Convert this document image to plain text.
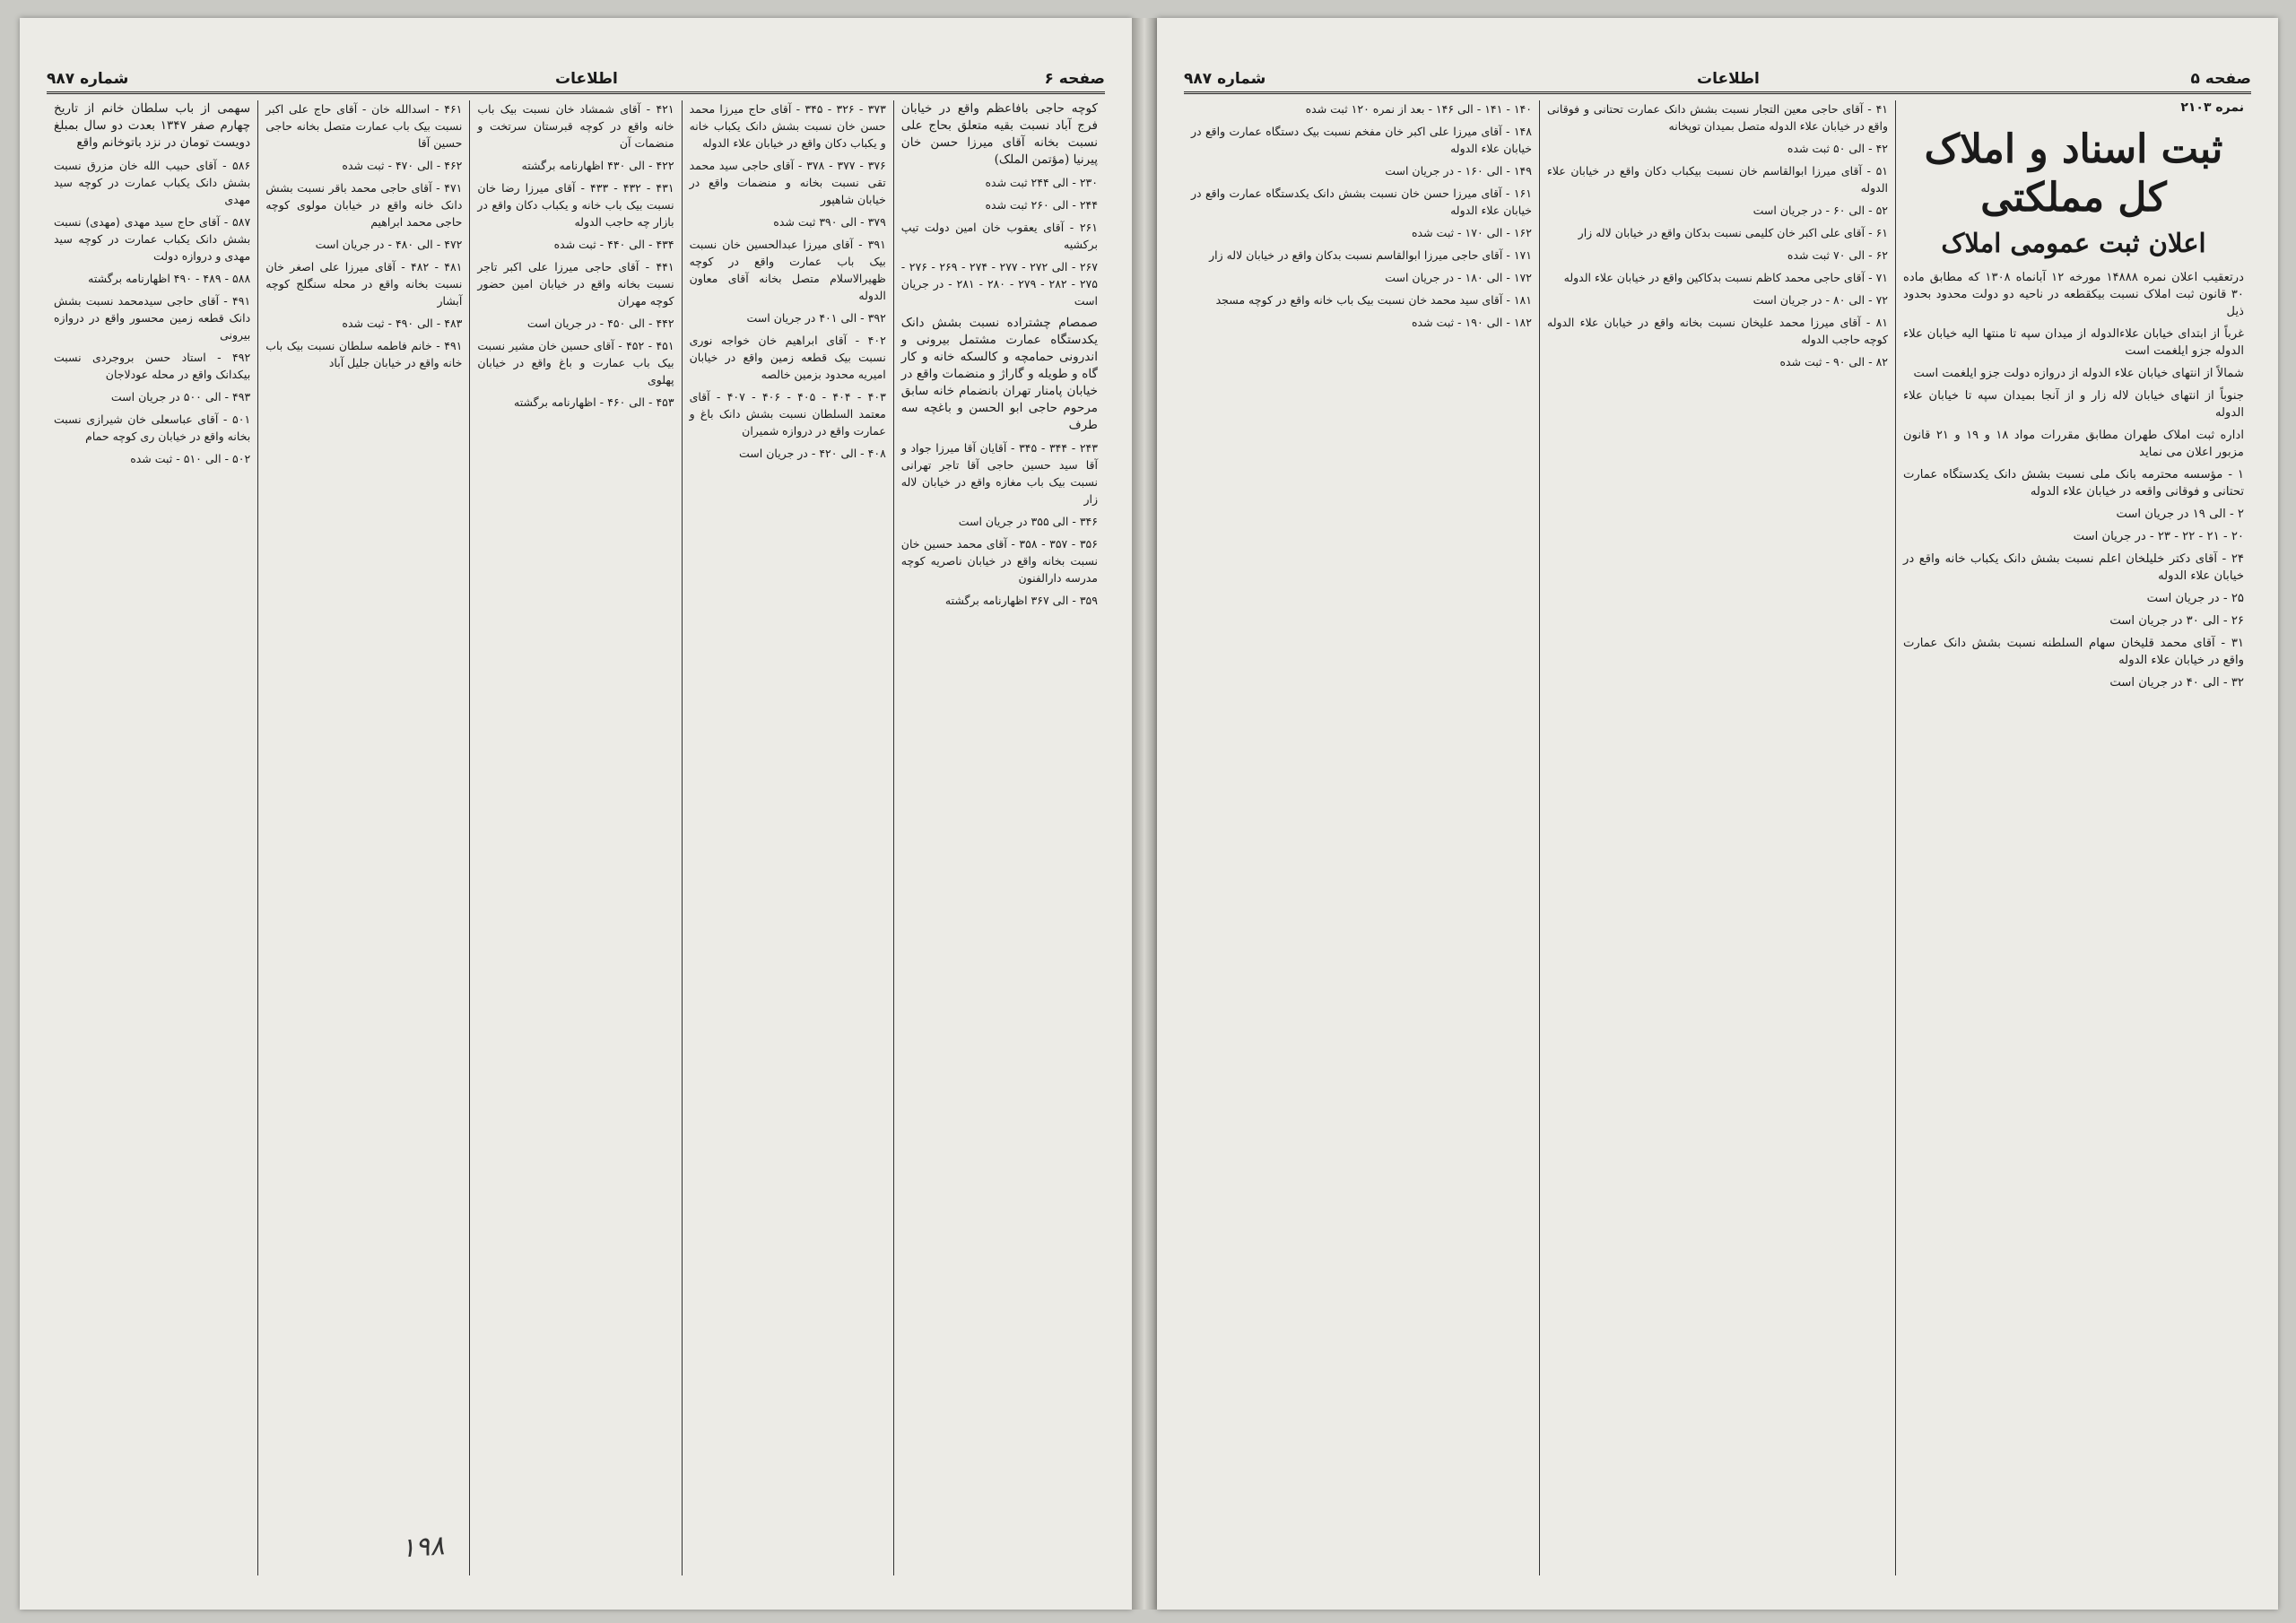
صفحه ۶
اطلاعات
شماره ۹۸۷

کوچه حاجی بافاعظم واقع در خیابان فرج آباد نسبت بقیه متعلق بحاج علی نسبت بخانه آقای میرزا حسن خان پیرنیا (مؤتمن الملک)

۲۳۰ - الی ۲۴۴ ثبت شده

۲۴۴ - الی ۲۶۰ ثبت شده

۲۶۱ - آقای یعقوب خان امین دولت تیپ برکشیه

۲۶۷ - الی ۲۷۲ - ۲۷۷ - ۲۷۴ - ۲۶۹ - ۲۷۶ - ۲۷۵ - ۲۸۲ - ۲۷۹ - ۲۸۰ - ۲۸۱ - در جریان است

صمصام چشتراده نسبت بشش دانک یکدستگاه عمارت مشتمل بیرونی و اندرونی حمامچه و کالسکه خانه و کار گاه و طویله و گاراژ و منضمات واقع در خیابان پامنار تهران بانضمام خانه سابق مرحوم حاجی ابو الحسن و باغچه سه طرف

۲۴۳ - ۳۴۴ - ۳۴۵ - آقایان آقا میرزا جواد و آقا سید حسین حاجی آقا تاجر تهرانی نسبت بیک باب مغازه واقع در خیابان لاله زار

۳۴۶ - الی ۳۵۵ در جریان است

۳۵۶ - ۳۵۷ - ۳۵۸ - آقای محمد حسین خان نسبت بخانه واقع در خیابان ناصریه کوچه مدرسه دارالفنون

۳۵۹ - الی ۳۶۷ اظهارنامه برگشته

۳۷۳ - ۳۲۶ - ۳۴۵ - آقای حاج میرزا محمد حسن خان نسبت بشش دانک یکباب خانه و یکباب دکان واقع در خیابان علاء الدوله

۳۷۶ - ۳۷۷ - ۳۷۸ - آقای حاجی سید محمد تقی نسبت بخانه و منضمات واقع در خیابان شاهپور

۳۷۹ - الی ۳۹۰ ثبت شده

۳۹۱ - آقای میرزا عبدالحسین خان نسبت بیک باب عمارت واقع در کوچه ظهیرالاسلام متصل بخانه آقای معاون الدوله

۳۹۲ - الی ۴۰۱ در جریان است

۴۰۲ - آقای ابراهیم خان خواجه نوری نسبت بیک قطعه زمین واقع در خیابان امیریه محدود بزمین خالصه

۴۰۳ - ۴۰۴ - ۴۰۵ - ۴۰۶ - ۴۰۷ - آقای معتمد السلطان نسبت بشش دانک باغ و عمارت واقع در دروازه شمیران

۴۰۸ - الی ۴۲۰ - در جریان است

۴۲۱ - آقای شمشاد خان نسبت بیک باب خانه واقع در کوچه قبرستان سرتخت و منضمات آن

۴۲۲ - الی ۴۳۰ اظهارنامه برگشته

۴۳۱ - ۴۳۲ - ۴۳۳ - آقای میرزا رضا خان نسبت بیک باب خانه و یکباب دکان واقع در بازار چه حاجب الدوله

۴۳۴ - الی ۴۴۰ - ثبت شده

۴۴۱ - آقای حاجی میرزا علی اکبر تاجر نسبت بخانه واقع در خیابان امین حضور کوچه مهران

۴۴۲ - الی ۴۵۰ - در جریان است

۴۵۱ - ۴۵۲ - آقای حسین خان مشیر نسبت بیک باب عمارت و باغ واقع در خیابان پهلوی

۴۵۳ - الی ۴۶۰ - اظهارنامه برگشته

۴۶۱ - اسدالله خان - آقای حاج علی اکبر نسبت بیک باب عمارت متصل بخانه حاجی حسین آقا

۴۶۲ - الی ۴۷۰ - ثبت شده

۴۷۱ - آقای حاجی محمد باقر نسبت بشش دانک خانه واقع در خیابان مولوی کوچه حاجی محمد ابراهیم

۴۷۲ - الی ۴۸۰ - در جریان است

۴۸۱ - ۴۸۲ - آقای میرزا علی اصغر خان نسبت بخانه واقع در محله سنگلج کوچه آبشار

۴۸۳ - الی ۴۹۰ - ثبت شده

۴۹۱ - خانم فاطمه سلطان نسبت بیک باب خانه واقع در خیابان جلیل آباد

سهمی از باب سلطان خانم از تاریخ چهارم صفر ۱۳۴۷ بعدت دو سال بمبلغ دویست تومان در نزد باتوخانم واقع

۵۸۶ - آقای حبیب الله خان مزرق نسبت بشش دانک یکباب عمارت در کوچه سید مهدی

۵۸۷ - آقای حاج سید مهدی (مهدی) نسبت بشش دانک یکباب عمارت در کوچه سید مهدی و دروازه دولت

۵۸۸ - ۴۸۹ - ۴۹۰ اظهارنامه برگشته

۴۹۱ - آقای حاجی سیدمحمد نسبت بشش دانک قطعه زمین محسور واقع در دروازه بیرونی

۴۹۲ - استاد حسن بروجردی نسبت بیکدانک واقع در محله عودلاجان

۴۹۳ - الی ۵۰۰ در جریان است

۵۰۱ - آقای عباسعلی خان شیرازی نسبت بخانه واقع در خیابان ری کوچه حمام

۵۰۲ - الی ۵۱۰ - ثبت شده

۱۹۸
صفحه ۵
اطلاعات
شماره ۹۸۷
نمره ۲۱۰۳
ثبت اسناد و املاک کل مملکتی
اعلان ثبت عمومی املاک

درتعقیب اعلان نمره ۱۴۸۸۸ مورخه ۱۲ آبانماه ۱۳۰۸ که مطابق ماده ۳۰ قانون ثبت املاک نسبت بیکقطعه در ناحیه دو دولت محدود بحدود ذیل

غرباً از ابتدای خیابان علاءالدوله از میدان سپه تا منتها الیه خیابان علاء الدوله جزو ایلغمت است

شمالاً از انتهای خیابان علاء الدوله از دروازه دولت جزو ایلغمت است

جنوباً از انتهای خیابان لاله زار و از آنجا بمیدان سپه تا خیابان علاء الدوله

اداره ثبت املاک طهران مطابق مقررات مواد ۱۸ و ۱۹ و ۲۱ قانون مزبور اعلان می نماید

۱ - مؤسسه محترمه بانک ملی نسبت بشش دانک یکدستگاه عمارت تحتانی و فوقانی واقعه در خیابان علاء الدوله

۲ - الی ۱۹ در جریان است

۲۰ - ۲۱ - ۲۲ - ۲۳ - در جریان است

۲۴ - آقای دکتر خلیلخان اعلم نسبت بشش دانک یکباب خانه واقع در خیابان علاء الدوله

۲۵ - در جریان است

۲۶ - الی ۳۰ در جریان است

۳۱ - آقای محمد قلیخان سهام السلطنه نسبت بشش دانک عمارت واقع در خیابان علاء الدوله

۳۲ - الی ۴۰ در جریان است

۴۱ - آقای حاجی معین التجار نسبت بشش دانک عمارت تحتانی و فوقانی واقع در خیابان علاء الدوله متصل بمیدان توپخانه

۴۲ - الی ۵۰ ثبت شده

۵۱ - آقای میرزا ابوالقاسم خان نسبت بیکباب دکان واقع در خیابان علاء الدوله

۵۲ - الی ۶۰ - در جریان است

۶۱ - آقای علی اکبر خان کلیمی نسبت بدکان واقع در خیابان لاله زار

۶۲ - الی ۷۰ ثبت شده

۷۱ - آقای حاجی محمد کاظم نسبت بدکاکین واقع در خیابان علاء الدوله

۷۲ - الی ۸۰ - در جریان است

۸۱ - آقای میرزا محمد علیخان نسبت بخانه واقع در خیابان علاء الدوله کوچه حاجب الدوله

۸۲ - الی ۹۰ - ثبت شده

۱۴۰ - ۱۴۱ - الی ۱۴۶ - بعد از نمره ۱۲۰ ثبت شده

۱۴۸ - آقای میرزا علی اکبر خان مفخم نسبت بیک دستگاه عمارت واقع در خیابان علاء الدوله

۱۴۹ - الی ۱۶۰ - در جریان است

۱۶۱ - آقای میرزا حسن خان نسبت بشش دانک یکدستگاه عمارت واقع در خیابان علاء الدوله

۱۶۲ - الی ۱۷۰ - ثبت شده

۱۷۱ - آقای حاجی میرزا ابوالقاسم نسبت بدکان واقع در خیابان لاله زار

۱۷۲ - الی ۱۸۰ - در جریان است

۱۸۱ - آقای سید محمد خان نسبت بیک باب خانه واقع در کوچه مسجد

۱۸۲ - الی ۱۹۰ - ثبت شده
